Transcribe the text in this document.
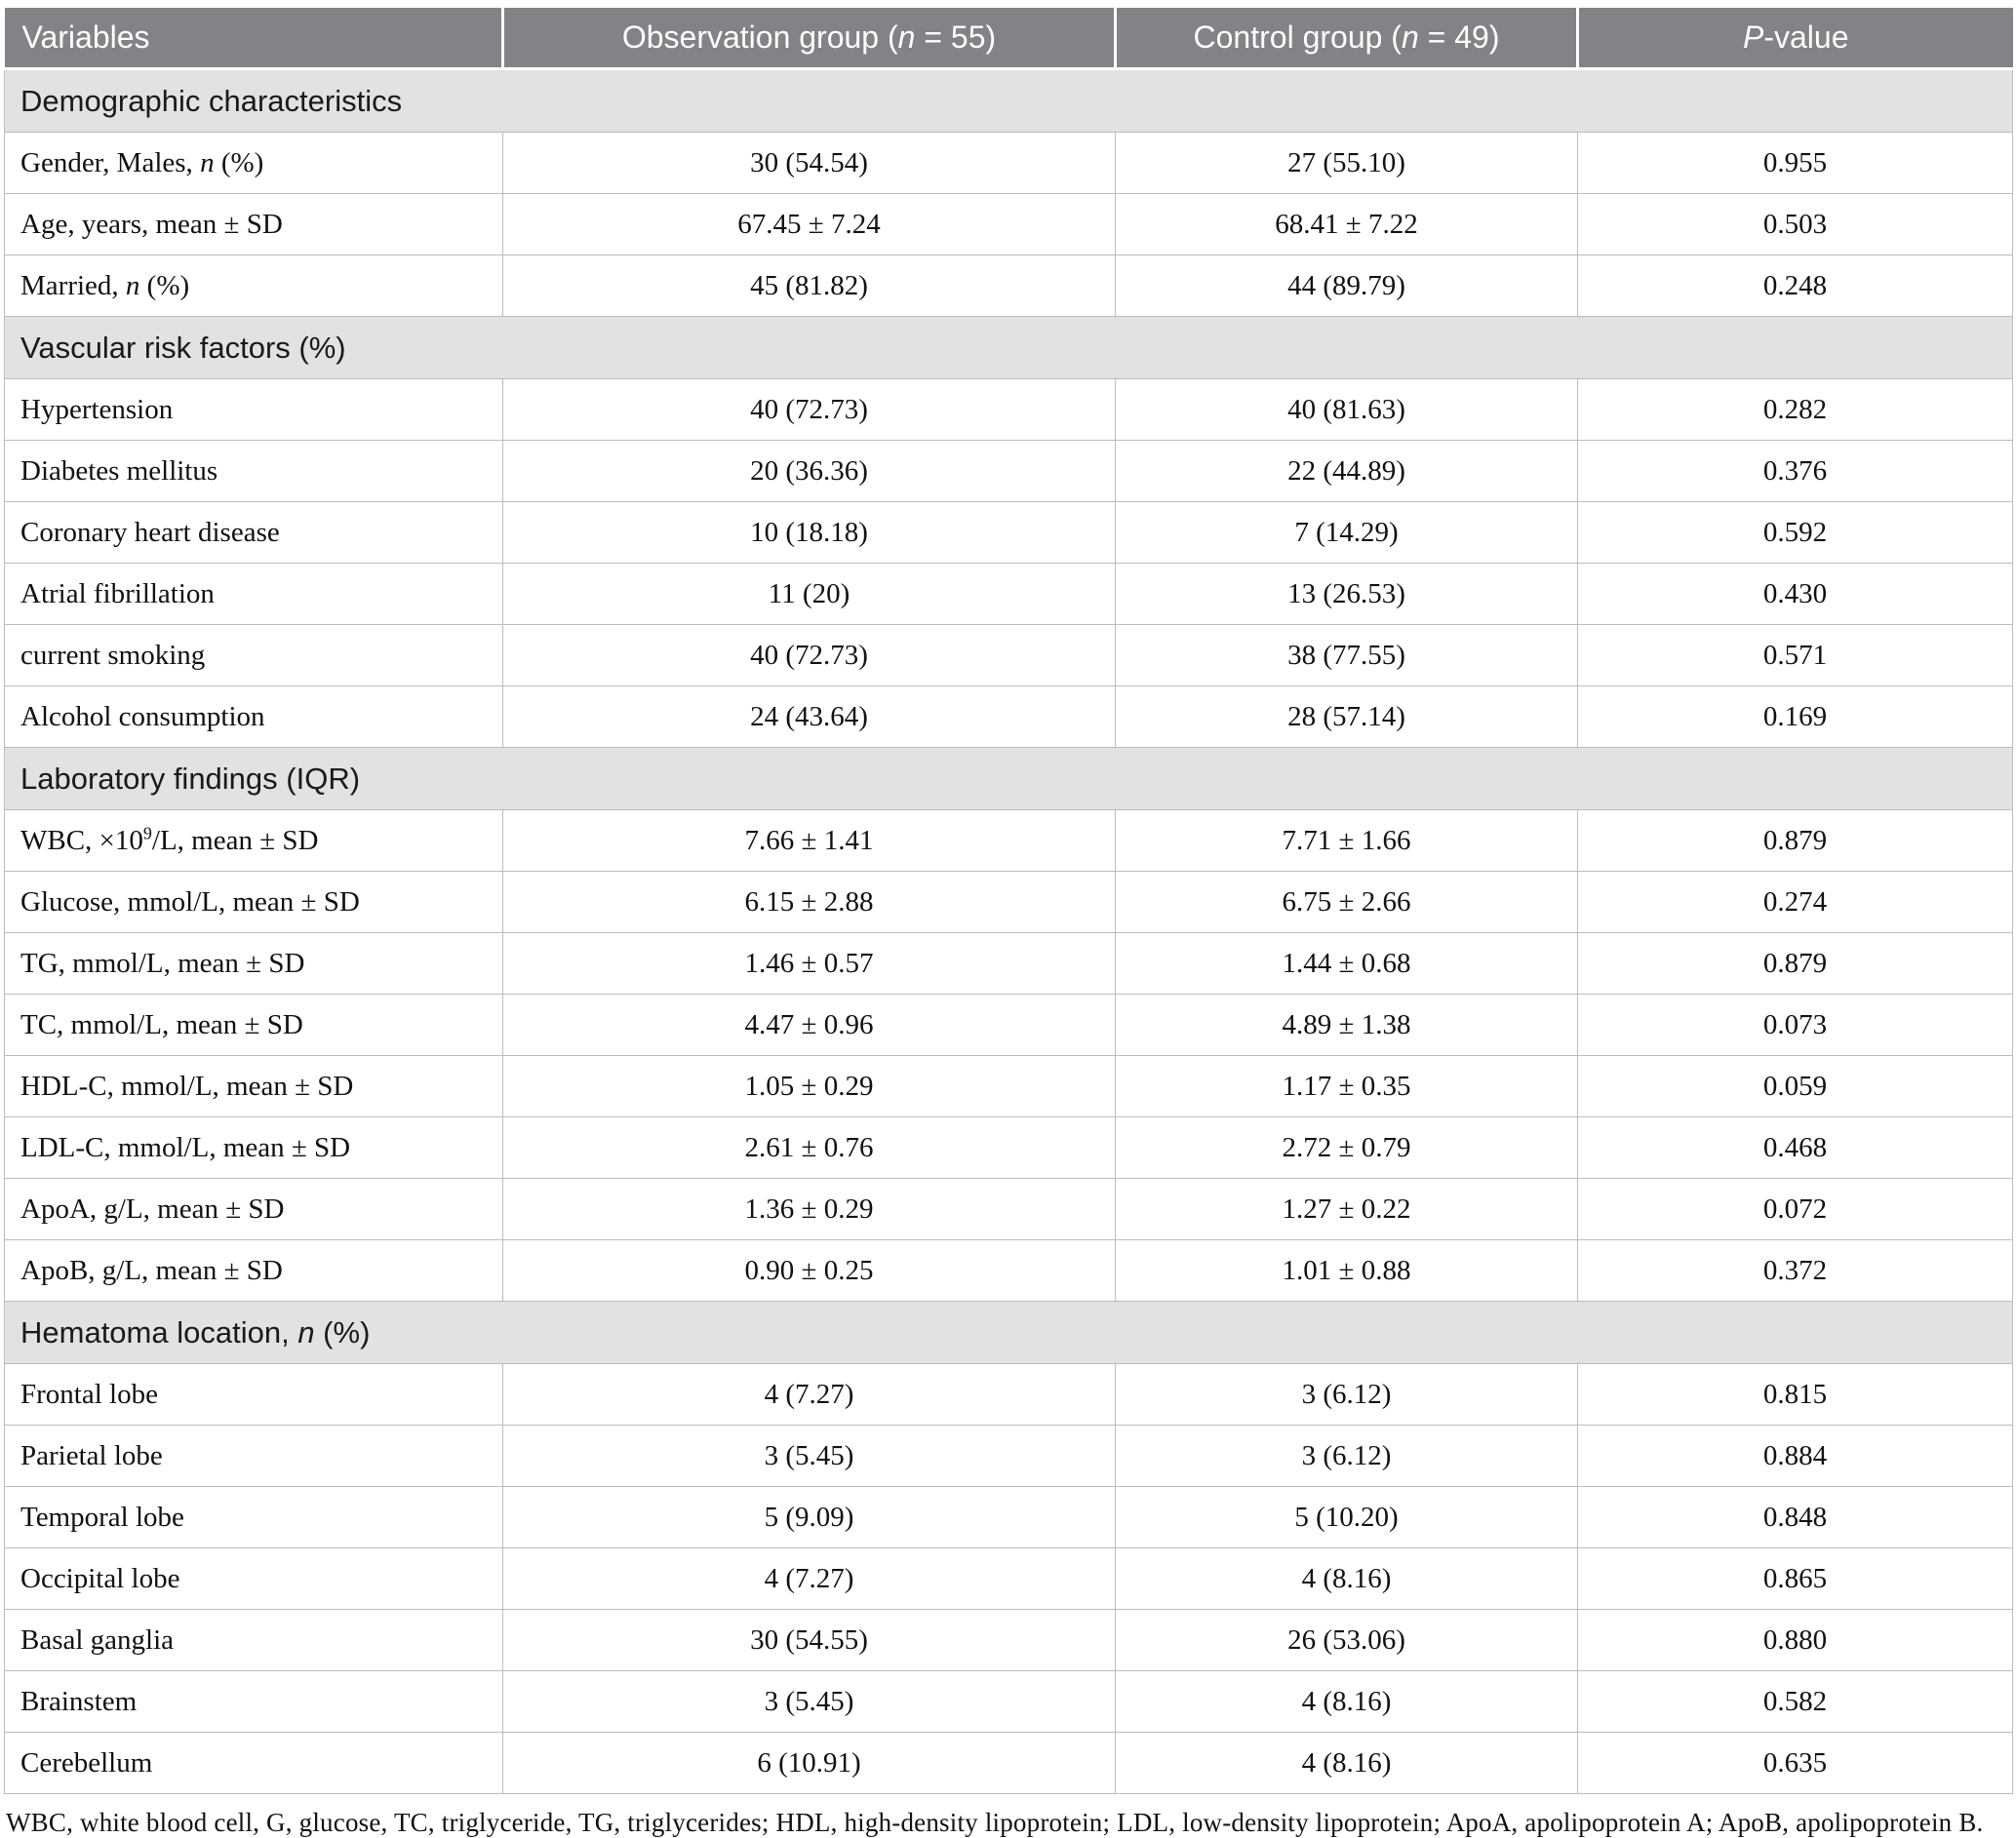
Variables	Observation group (n = 55)	Control group (n = 49)	P-value
Demographic characteristics			
Gender, Males, n (%)	30 (54.54)	27 (55.10)	0.955
Age, years, mean ± SD	67.45 ± 7.24	68.41 ± 7.22	0.503
Married, n (%)	45 (81.82)	44 (89.79)	0.248
Vascular risk factors (%)			
Hypertension	40 (72.73)	40 (81.63)	0.282
Diabetes mellitus	20 (36.36)	22 (44.89)	0.376
Coronary heart disease	10 (18.18)	7 (14.29)	0.592
Atrial fibrillation	11 (20)	13 (26.53)	0.430
current smoking	40 (72.73)	38 (77.55)	0.571
Alcohol consumption	24 (43.64)	28 (57.14)	0.169
Laboratory findings (IQR)			
WBC, $\times 10^9/L$, mean ± SD	7.66 ± 1.41	7.71 ± 1.66	0.879
Glucose, mmol/L, mean ± SD	6.15 ± 2.88	6.75 ± 2.66	0.274
TG, mmol/L, mean ± SD	1.46 ± 0.57	1.44 ± 0.68	0.879
TC, mmol/L, mean ± SD	4.47 ± 0.96	4.89 ± 1.38	0.073
HDL-C, mmol/L, mean ± SD	1.05 ± 0.29	1.17 ± 0.35	0.059
LDL-C, mmol/L, mean ± SD	2.61 ± 0.76	2.72 ± 0.79	0.468
ApoA, g/L, mean ± SD	1.36 ± 0.29	1.27 ± 0.22	0.072
ApoB, g/L, mean ± SD	0.90 ± 0.25	1.01 ± 0.88	0.372
Hematoma location, n (%)			
Frontal lobe	4 (7.27)	3 (6.12)	0.815
Parietal lobe	3 (5.45)	3 (6.12)	0.884
Temporal lobe	5 (9.09)	5 (10.20)	0.848
Occipital lobe	4 (7.27)	4 (8.16)	0.865
Basal ganglia	30 (54.55)	26 (53.06)	0.880
Brainstem	3 (5.45)	4 (8.16)	0.582
Cerebellum	6 (10.91)	4 (8.16)	0.635
WBC, white blood cell, G, glucose, TC, triglyceride, TG, triglycerides; HDL, high-density lipoprotein; LDL, low-density lipoprotein; ApoA, apolipoprotein A; ApoB, apolipoprotein B.
